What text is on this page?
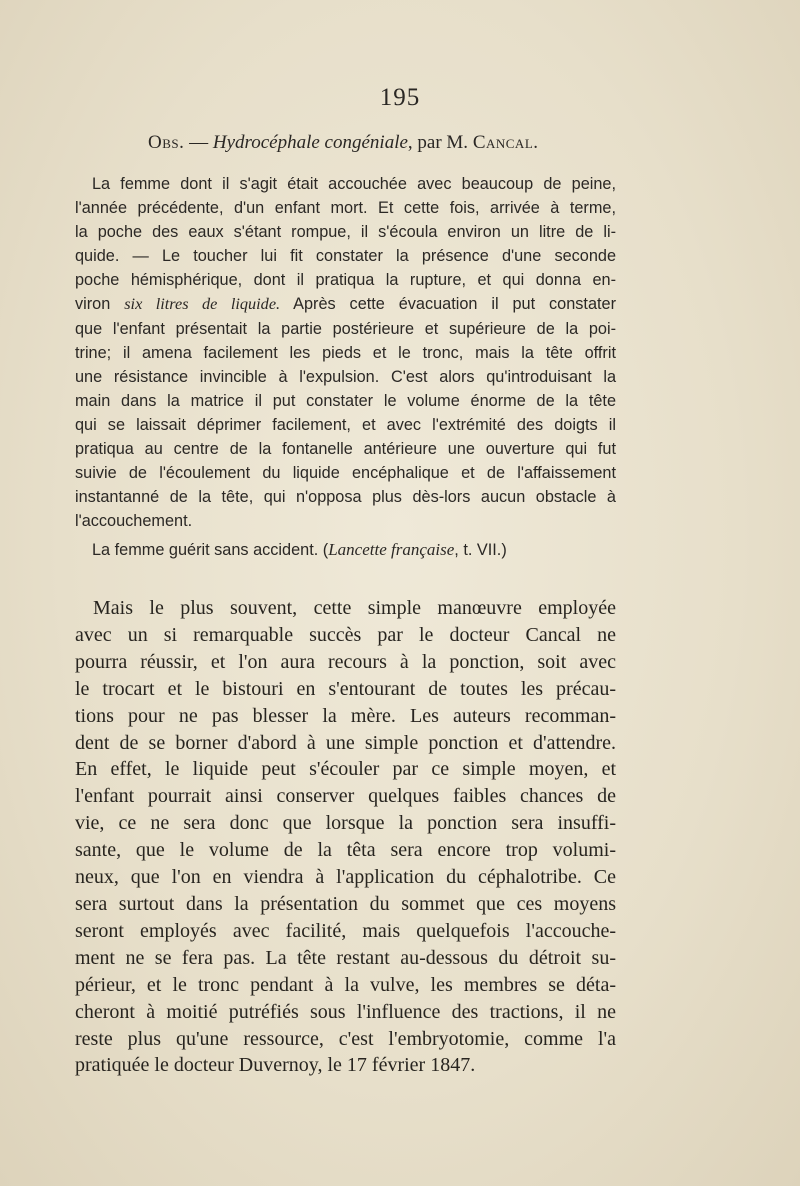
195
Obs. — Hydrocéphale congéniale, par M. Cancal.
La femme dont il s'agit était accouchée avec beaucoup de peine,
l'année précédente, d'un enfant mort. Et cette fois, arrivée à terme,
la poche des eaux s'étant rompue, il s'écoula environ un litre de li-
quide. — Le toucher lui fit constater la présence d'une seconde
poche hémisphérique, dont il pratiqua la rupture, et qui donna en-
viron six litres de liquide. Après cette évacuation il put constater
que l'enfant présentait la partie postérieure et supérieure de la poi-
trine; il amena facilement les pieds et le tronc, mais la tête offrit
une résistance invincible à l'expulsion. C'est alors qu'introduisant la
main dans la matrice il put constater le volume énorme de la tête
qui se laissait déprimer facilement, et avec l'extrémité des doigts il
pratiqua au centre de la fontanelle antérieure une ouverture qui fut
suivie de l'écoulement du liquide encéphalique et de l'affaissement
instantanné de la tête, qui n'opposa plus dès-lors aucun obstacle à
l'accouchement.
La femme guérit sans accident. (Lancette française, t. VII.)
Mais le plus souvent, cette simple manœuvre employée
avec un si remarquable succès par le docteur Cancal ne
pourra réussir, et l'on aura recours à la ponction, soit avec
le trocart et le bistouri en s'entourant de toutes les précau-
tions pour ne pas blesser la mère. Les auteurs recomman-
dent de se borner d'abord à une simple ponction et d'attendre.
En effet, le liquide peut s'écouler par ce simple moyen, et
l'enfant pourrait ainsi conserver quelques faibles chances de
vie, ce ne sera donc que lorsque la ponction sera insuffi-
sante, que le volume de la têta sera encore trop volumi-
neux, que l'on en viendra à l'application du céphalotribe. Ce
sera surtout dans la présentation du sommet que ces moyens
seront employés avec facilité, mais quelquefois l'accouche-
ment ne se fera pas. La tête restant au-dessous du détroit su-
périeur, et le tronc pendant à la vulve, les membres se déta-
cheront à moitié putréfiés sous l'influence des tractions, il ne
reste plus qu'une ressource, c'est l'embryotomie, comme l'a
pratiquée le docteur Duvernoy, le 17 février 1847.
